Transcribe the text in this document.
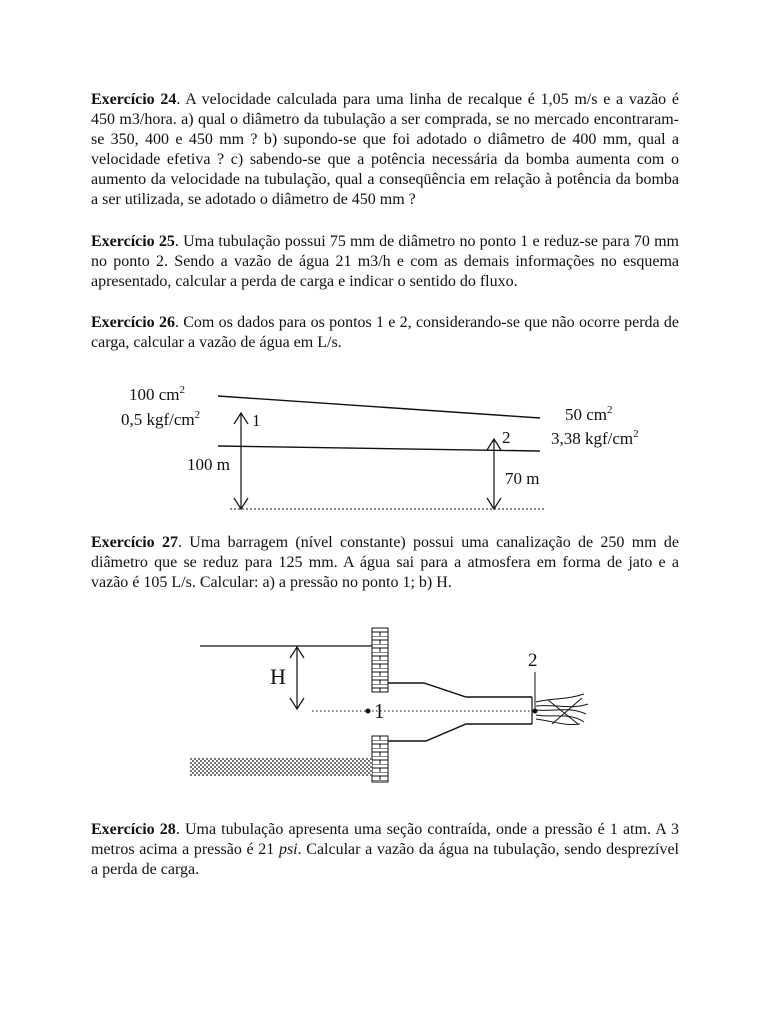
Exercício 24. A velocidade calculada para uma linha de recalque é 1,05 m/s e a vazão é 450 m3/hora. a) qual o diâmetro da tubulação a ser comprada, se no mercado encontraram-se 350, 400 e 450 mm ? b) supondo-se que foi adotado o diâmetro de 400 mm, qual a velocidade efetiva ? c) sabendo-se que a potência necessária da bomba aumenta com o aumento da velocidade na tubulação, qual a conseqüência em relação à potência da bomba a ser utilizada, se adotado o diâmetro de 450 mm ?

Exercício 25. Uma tubulação possui 75 mm de diâmetro no ponto 1 e reduz-se para 70 mm no ponto 2. Sendo a vazão de água 21 m3/h e com as demais informações no esquema apresentado, calcular a perda de carga e indicar o sentido do fluxo.

Exercício 26. Com os dados para os pontos 1 e 2, considerando-se que não ocorre perda de carga, calcular a vazão de água em L/s.

100 $cm^2$
0,5 kgf/$cm^2$	1
100 m
50 $cm^2$
3,38 kgf/$cm^2$
2
70 m

Exercício 27. Uma barragem (nível constante) possui uma canalização de 250 mm de diâmetro que se reduz para 125 mm. A água sai para a atmosfera em forma de jato e a vazão é 105 L/s. Calcular: a) a pressão no ponto 1; b) H.

H
1
2

Exercício 28. Uma tubulação apresenta uma seção contraída, onde a pressão é 1 atm. A 3 metros acima a pressão é 21 psi. Calcular a vazão da água na tubulação, sendo desprezível a perda de carga.
